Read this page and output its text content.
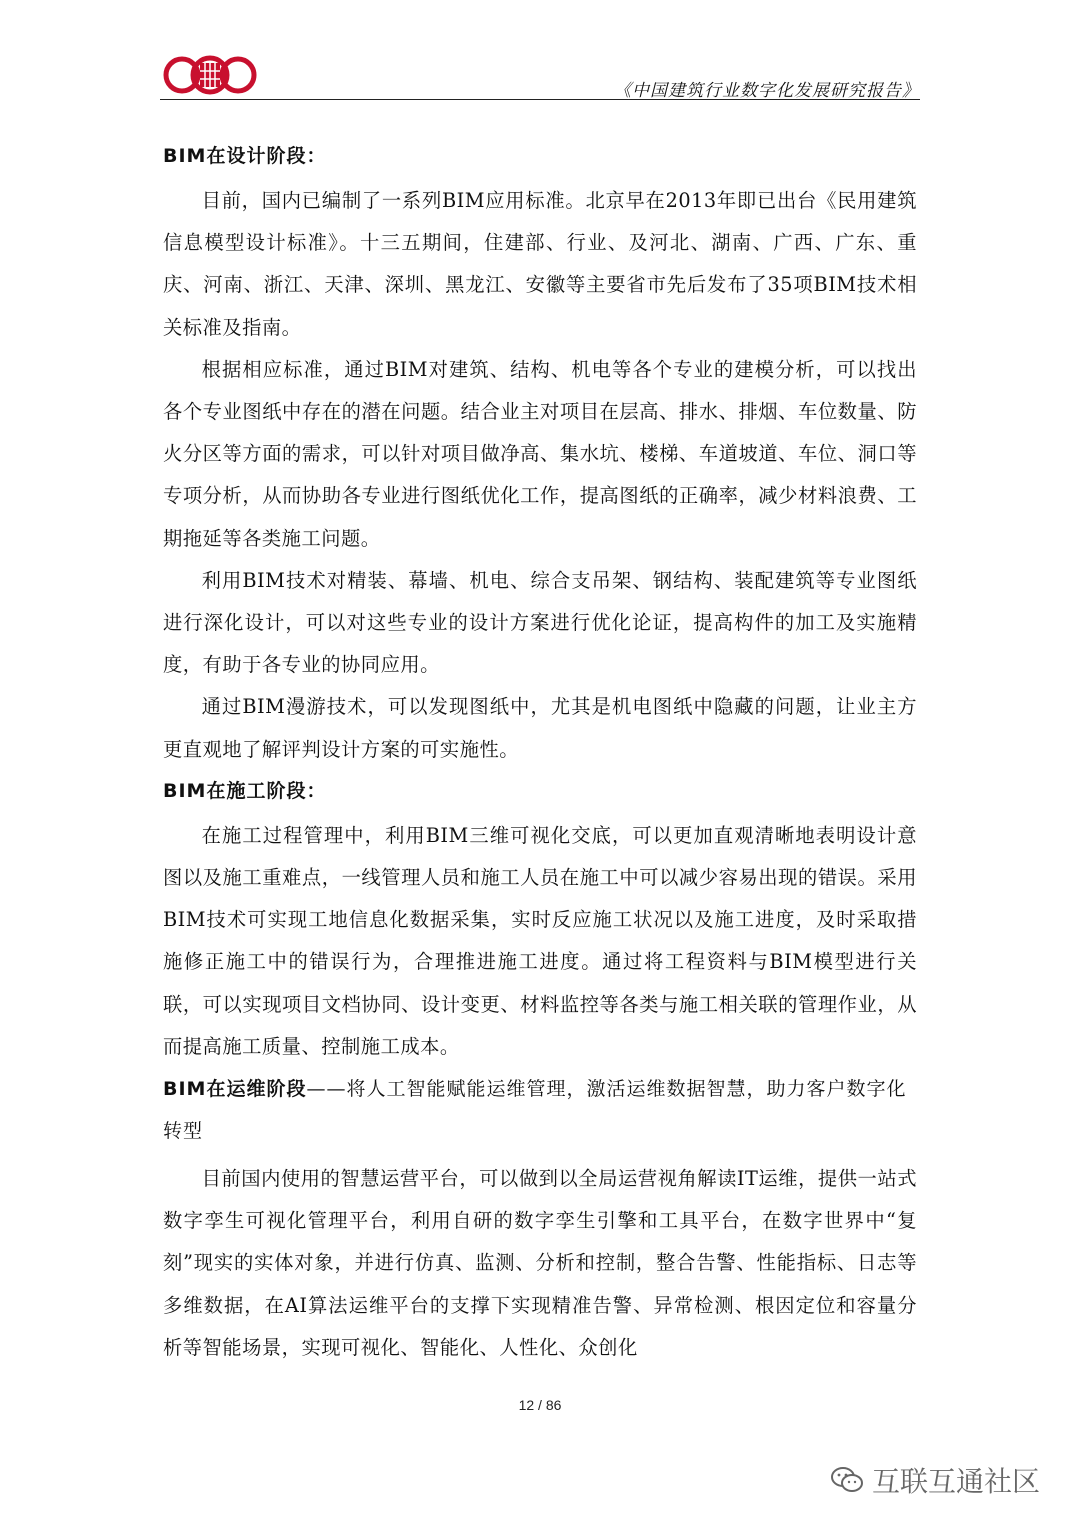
《中国建筑行业数字化发展研究报告》
BIM在设计阶段：

目前，国内已编制了一系列BIM应用标准。北京早在2013年即已出台《民用建筑信息模型设计标准》。十三五期间，住建部、行业、及河北、湖南、广西、广东、重庆、河南、浙江、天津、深圳、黑龙江、安徽等主要省市先后发布了35项BIM技术相关标准及指南。

根据相应标准，通过BIM对建筑、结构、机电等各个专业的建模分析，可以找出各个专业图纸中存在的潜在问题。结合业主对项目在层高、排水、排烟、车位数量、防火分区等方面的需求，可以针对项目做净高、集水坑、楼梯、车道坡道、车位、洞口等专项分析，从而协助各专业进行图纸优化工作，提高图纸的正确率，减少材料浪费、工期拖延等各类施工问题。

利用BIM技术对精装、幕墙、机电、综合支吊架、钢结构、装配建筑等专业图纸进行深化设计，可以对这些专业的设计方案进行优化论证，提高构件的加工及实施精度，有助于各专业的协同应用。

通过BIM漫游技术，可以发现图纸中，尤其是机电图纸中隐藏的问题，让业主方更直观地了解评判设计方案的可实施性。

BIM在施工阶段：

在施工过程管理中，利用BIM三维可视化交底，可以更加直观清晰地表明设计意图以及施工重难点，一线管理人员和施工人员在施工中可以减少容易出现的错误。采用BIM技术可实现工地信息化数据采集，实时反应施工状况以及施工进度，及时采取措施修正施工中的错误行为，合理推进施工进度。通过将工程资料与BIM模型进行关联，可以实现项目文档协同、设计变更、材料监控等各类与施工相关联的管理作业，从而提高施工质量、控制施工成本。

BIM在运维阶段——将人工智能赋能运维管理，激活运维数据智慧，助力客户数字化转型

目前国内使用的智慧运营平台，可以做到以全局运营视角解读IT运维，提供一站式数字孪生可视化管理平台，利用自研的数字孪生引擎和工具平台，在数字世界中“复刻”现实的实体对象，并进行仿真、监测、分析和控制，整合告警、性能指标、日志等多维数据，在AI算法运维平台的支撑下实现精准告警、异常检测、根因定位和容量分析等智能场景，实现可视化、智能化、人性化、众创化

12 / 86
互联互通社区
